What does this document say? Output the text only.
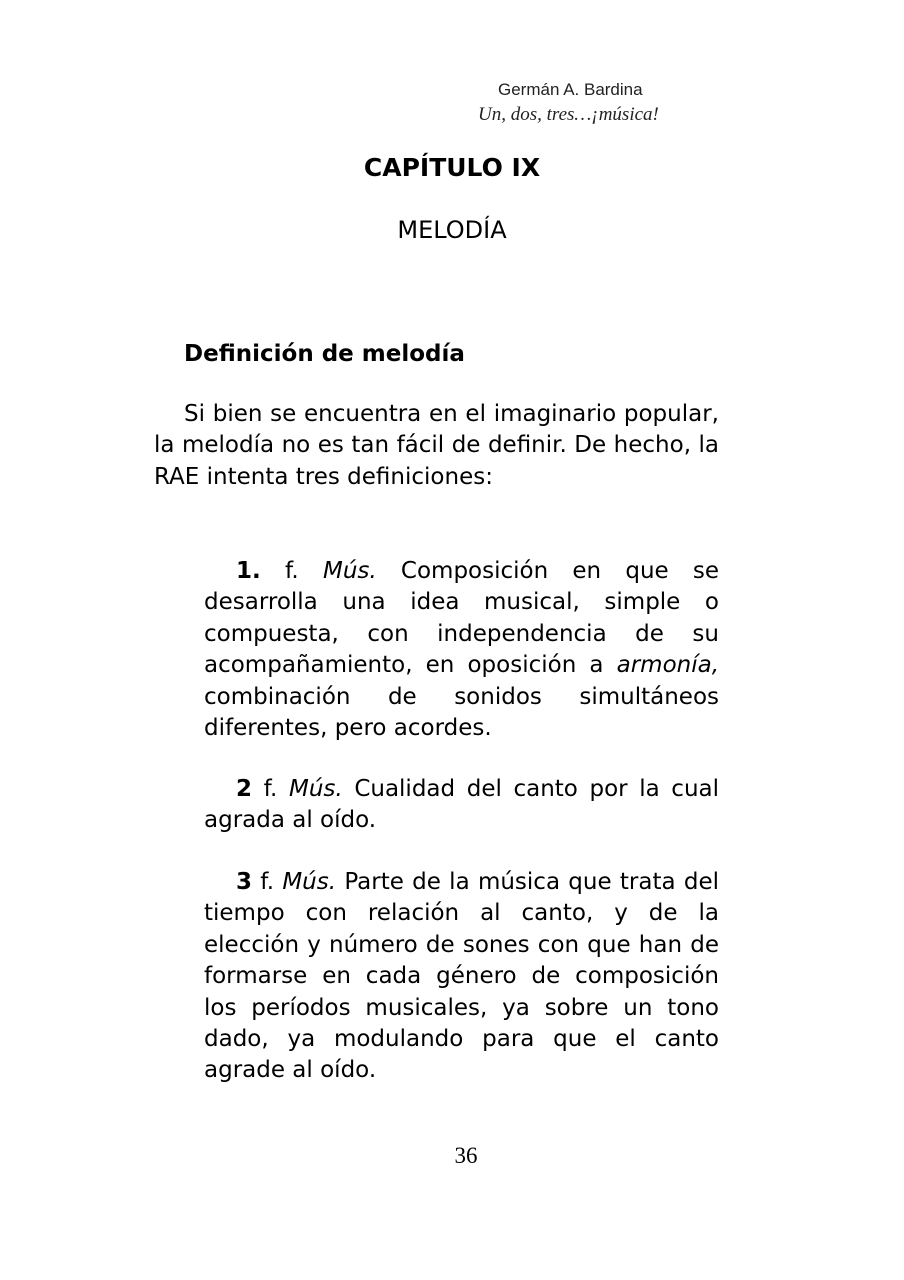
Germán A. Bardina
Un, dos, tres…¡música!
CAPÍTULO IX
MELODÍA
Definición de melodía

Si bien se encuentra en el imaginario popular, la melodía no es tan fácil de definir. De hecho, la RAE intenta tres definiciones:

1. f. Mús. Composición en que se desarrolla una idea musical, simple o compuesta, con independencia de su acompañamiento, en oposición a armonía, combinación de sonidos simultáneos diferentes, pero acordes.

2 f. Mús. Cualidad del canto por la cual agrada al oído.

3 f. Mús. Parte de la música que trata del tiempo con relación al canto, y de la elección y número de sones con que han de formarse en cada género de composición los períodos musicales, ya sobre un tono dado, ya modulando para que el canto agrade al oído.

36
